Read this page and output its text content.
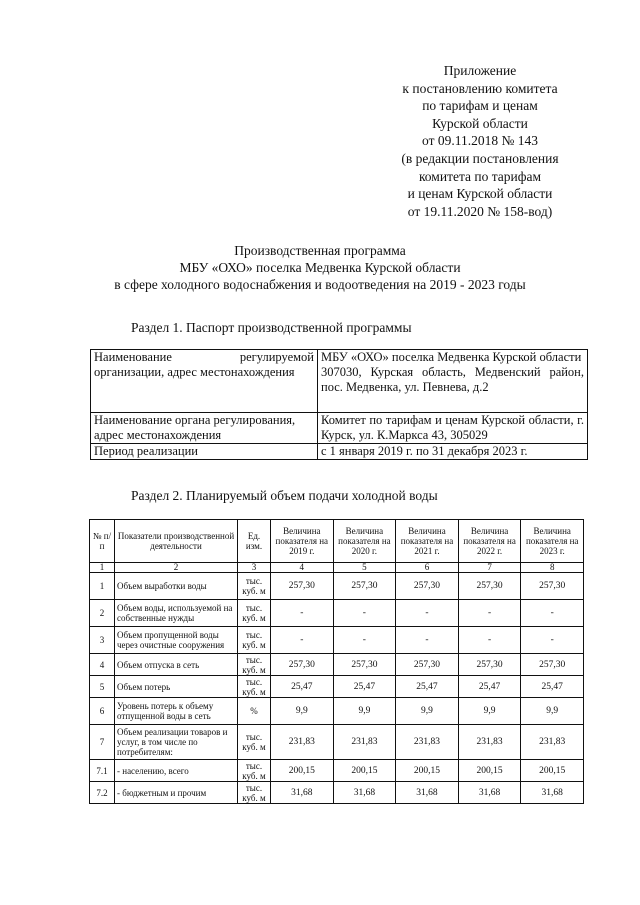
Приложение
к постановлению комитета
по тарифам и ценам
Курской области
от 09.11.2018 № 143
(в редакции постановления
комитета по тарифам
и ценам Курской области
от 19.11.2020 № 158-вод)
Производственная программа
МБУ «ОХО» поселка Медвенка Курской области
в сфере холодного водоснабжения и водоотведения на 2019 - 2023 годы
Раздел 1. Паспорт производственной программы
Наименование регулируемой организации, адрес местонахождения	МБУ «ОХО» поселка Медвенка Курской области
307030, Курская область, Медвенский район, пос. Медвенка, ул. Певнева, д.2

Наименование органа регулирования, адрес местонахождения	Комитет по тарифам и ценам Курской области, г. Курск, ул. К.Маркса 43, 305029

Период реализации	с 1 января 2019 г. по 31 декабря 2023 г.
Раздел 2. Планируемый объем подачи холодной воды
№ п/п	Показатели производственной деятельности	Ед. изм.	Величина показателя на 2019 г.	Величина показателя на 2020 г.	Величина показателя на 2021 г.	Величина показателя на 2022 г.	Величина показателя на 2023 г.
1	2	3	4	5	6	7	8
1	Объем выработки воды	тыс. куб. м	257,30	257,30	257,30	257,30	257,30
2	Объем воды, используемой на собственные нужды	тыс. куб. м	-	-	-	-	-
3	Объем пропущенной воды через очистные сооружения	тыс. куб. м	-	-	-	-	-
4	Объем отпуска в сеть	тыс. куб. м	257,30	257,30	257,30	257,30	257,30
5	Объем потерь	тыс. куб. м	25,47	25,47	25,47	25,47	25,47
6	Уровень потерь к объему отпущенной воды в сеть	%	9,9	9,9	9,9	9,9	9,9
7	Объем реализации товаров и услуг, в том числе по потребителям:	тыс. куб. м	231,83	231,83	231,83	231,83	231,83
7.1	- населению, всего	тыс. куб. м	200,15	200,15	200,15	200,15	200,15
7.2	- бюджетным и прочим	тыс. куб. м	31,68	31,68	31,68	31,68	31,68
